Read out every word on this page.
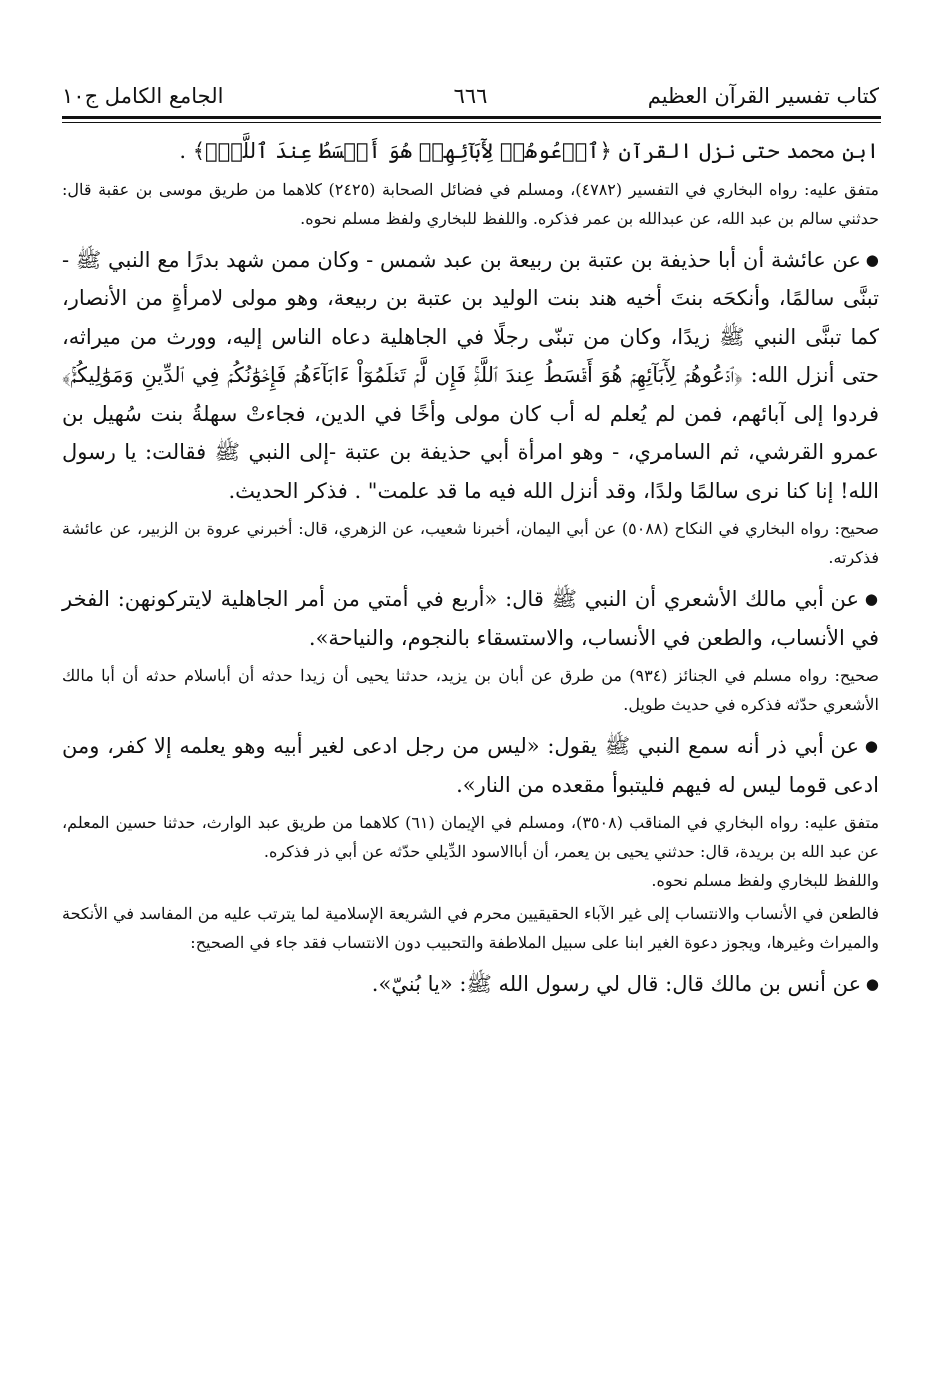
كتاب تفسير القرآن العظيم
٦٦٦
الجامع الكامل ج١٠

ابن محمد حتى نزل القرآن ﴿ٱدۡعُوهُمۡ لِأٓبَآئِهِمۡ هُوَ أَقۡسَطُ عِندَ ٱللَّهِۚ﴾ .

متفق عليه: رواه البخاري في التفسير (٤٧٨٢)، ومسلم في فضائل الصحابة (٢٤٢٥) كلاهما من طريق موسى بن عقبة قال: حدثني سالم بن عبد الله، عن عبدالله بن عمر فذكره. واللفظ للبخاري ولفظ مسلم نحوه.

● عن عائشة أن أبا حذيفة بن عتبة بن ربيعة بن عبد شمس - وكان ممن شهد بدرًا مع النبي ﷺ - تبنَّى سالمًا، وأنكحَه بنتَ أخيه هند بنت الوليد بن عتبة بن ربيعة، وهو مولى لامرأةٍ من الأنصار، كما تبنَّى النبي ﷺ زيدًا، وكان من تبنّى رجلًا في الجاهلية دعاه الناس إليه، وورث من ميراثه، حتى أنزل الله: ﴿ٱدۡعُوهُمۡ لِأٓبَآئِهِمۡ هُوَ أَقۡسَطُ عِندَ ٱللَّهِۚ فَإِن لَّمۡ تَعۡلَمُوٓاْ ءَابَآءَهُمۡ فَإِخۡوَٰنُكُمۡ فِي ٱلدِّينِ وَمَوَٰلِيكُمۡۚ﴾ فردوا إلى آبائهم، فمن لم يُعلم له أب كان مولى وأخًا في الدين، فجاءتْ سهلةُ بنت سُهيل بن عمرو القرشي، ثم السامري، - وهو امرأة أبي حذيفة بن عتبة -إلى النبي ﷺ فقالت: يا رسول الله! إنا كنا نرى سالمًا ولدًا، وقد أنزل الله فيه ما قد علمت" . فذكر الحديث.

صحيح: رواه البخاري في النكاح (٥٠٨٨) عن أبي اليمان، أخبرنا شعيب، عن الزهري، قال: أخبرني عروة بن الزبير، عن عائشة فذكرته.

● عن أبي مالك الأشعري أن النبي ﷺ قال: «أربع في أمتي من أمر الجاهلية لايتركونهن: الفخر في الأنساب، والطعن في الأنساب، والاستسقاء بالنجوم، والنياحة».

صحيح: رواه مسلم في الجنائز (٩٣٤) من طرق عن أبان بن يزيد، حدثنا يحيى أن زيدا حدثه أن أباسلام حدثه أن أبا مالك الأشعري حدّثه فذكره في حديث طويل.

● عن أبي ذر أنه سمع النبي ﷺ يقول: «ليس من رجل ادعى لغير أبيه وهو يعلمه إلا كفر، ومن ادعى قوما ليس له فيهم فليتبوأ مقعده من النار».

متفق عليه: رواه البخاري في المناقب (٣٥٠٨)، ومسلم في الإيمان (٦١) كلاهما من طريق عبد الوارث، حدثنا حسين المعلم، عن عبد الله بن بريدة، قال: حدثني يحيى بن يعمر، أن أباالاسود الدِّيلي حدّثه عن أبي ذر فذكره.

واللفظ للبخاري ولفظ مسلم نحوه.

فالطعن في الأنساب والانتساب إلى غير الآباء الحقيقيين محرم في الشريعة الإسلامية لما يترتب عليه من المفاسد في الأنكحة والميراث وغيرها، ويجوز دعوة الغير ابنا على سبيل الملاطفة والتحبيب دون الانتساب فقد جاء في الصحيح:

● عن أنس بن مالك قال: قال لي رسول الله ﷺ: «يا بُنيّ».
